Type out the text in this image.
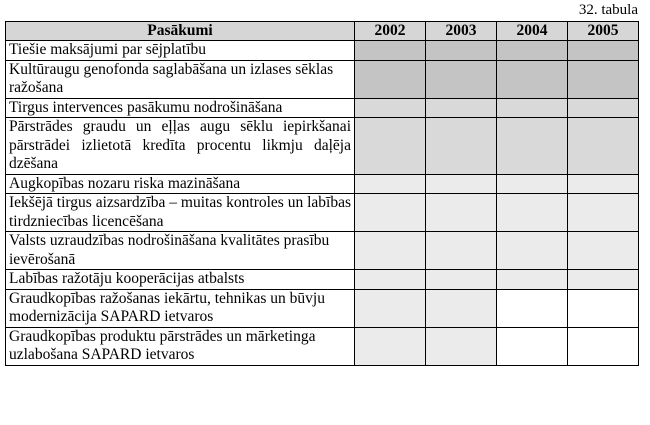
32. tabula
Pasākumi	2002	2003	2004	2005
Tiešie maksājumi par sējplatību				
Kultūraugu genofonda saglabāšana un izlases sēklas ražošana				
Tirgus intervences pasākumu nodrošināšana				
Pārstrādes graudu un eļļas augu sēklu iepirkšanai pārstrādei izlietotā kredīta procentu likmju daļēja dzēšana				
Augkopības nozaru riska mazināšana				
Iekšējā tirgus aizsardzība – muitas kontroles un labības tirdzniecības licencēšana				
Valsts uzraudzības nodrošināšana kvalitātes prasību ievērošanā				
Labības ražotāju kooperācijas atbalsts				
Graudkopības ražošanas iekārtu, tehnikas un būvju modernizācija SAPARD ietvaros				
Graudkopības produktu pārstrādes un mārketinga uzlabošana SAPARD ietvaros				
